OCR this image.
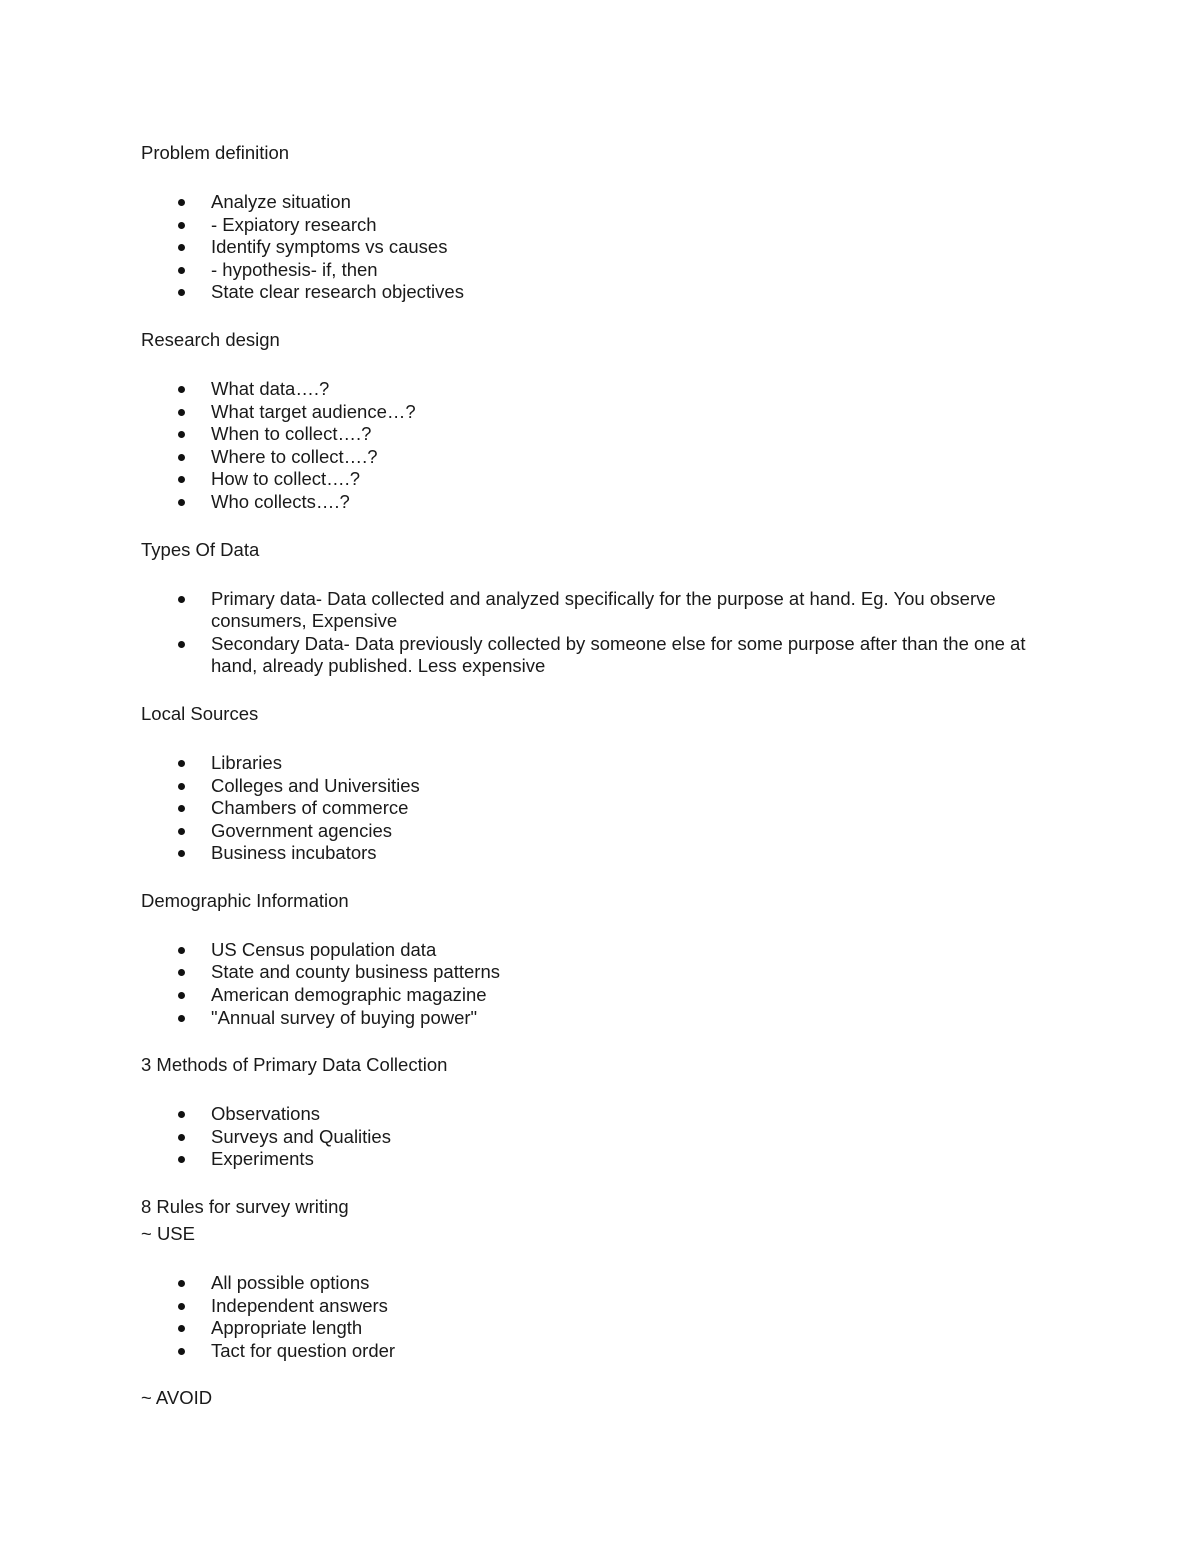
Problem definition

Analyze situation
- Expiatory research
Identify symptoms vs causes
- hypothesis- if, then
State clear research objectives

Research design

What data….?
What target audience…?
When to collect….?
Where to collect….?
How to collect….?
Who collects….?

Types Of Data

Primary data- Data collected and analyzed specifically for the purpose at hand. Eg. You observe consumers, Expensive
Secondary Data- Data previously collected by someone else for some purpose after than the one at hand, already published. Less expensive

Local Sources

Libraries
Colleges and Universities
Chambers of commerce
Government agencies
Business incubators

Demographic Information

US Census population data
State and county business patterns
American demographic magazine
"Annual survey of buying power"

3 Methods of Primary Data Collection

Observations
Surveys and Qualities
Experiments

8 Rules for survey writing

~ USE

All possible options
Independent answers
Appropriate length
Tact for question order

~ AVOID
